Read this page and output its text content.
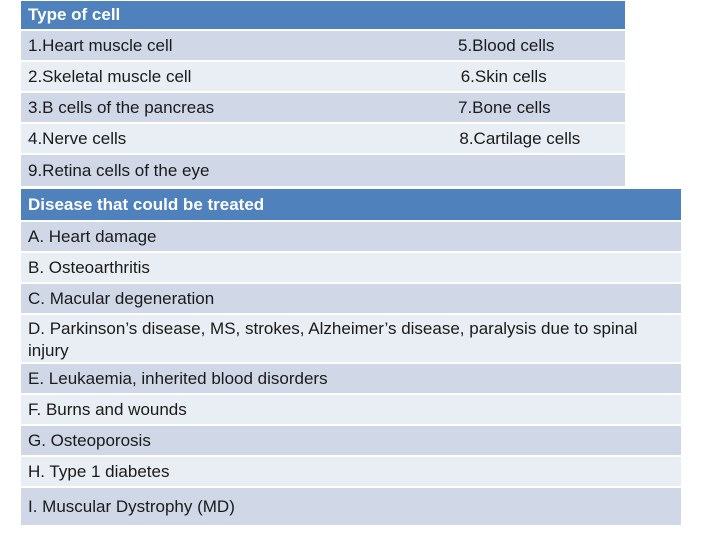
Type of cell
1.Heart muscle cell	5.Blood cells
2.Skeletal muscle cell	6.Skin cells
3.B cells of the pancreas	7.Bone cells
4.Nerve cells	8.Cartilage cells
9.Retina cells of the eye
Disease that could be treated
A. Heart damage
B. Osteoarthritis
C. Macular degeneration
D. Parkinson’s disease, MS, strokes, Alzheimer’s disease, paralysis due to spinal injury
E. Leukaemia, inherited blood disorders
F. Burns and wounds
G. Osteoporosis
H. Type 1 diabetes
I. Muscular Dystrophy (MD)
